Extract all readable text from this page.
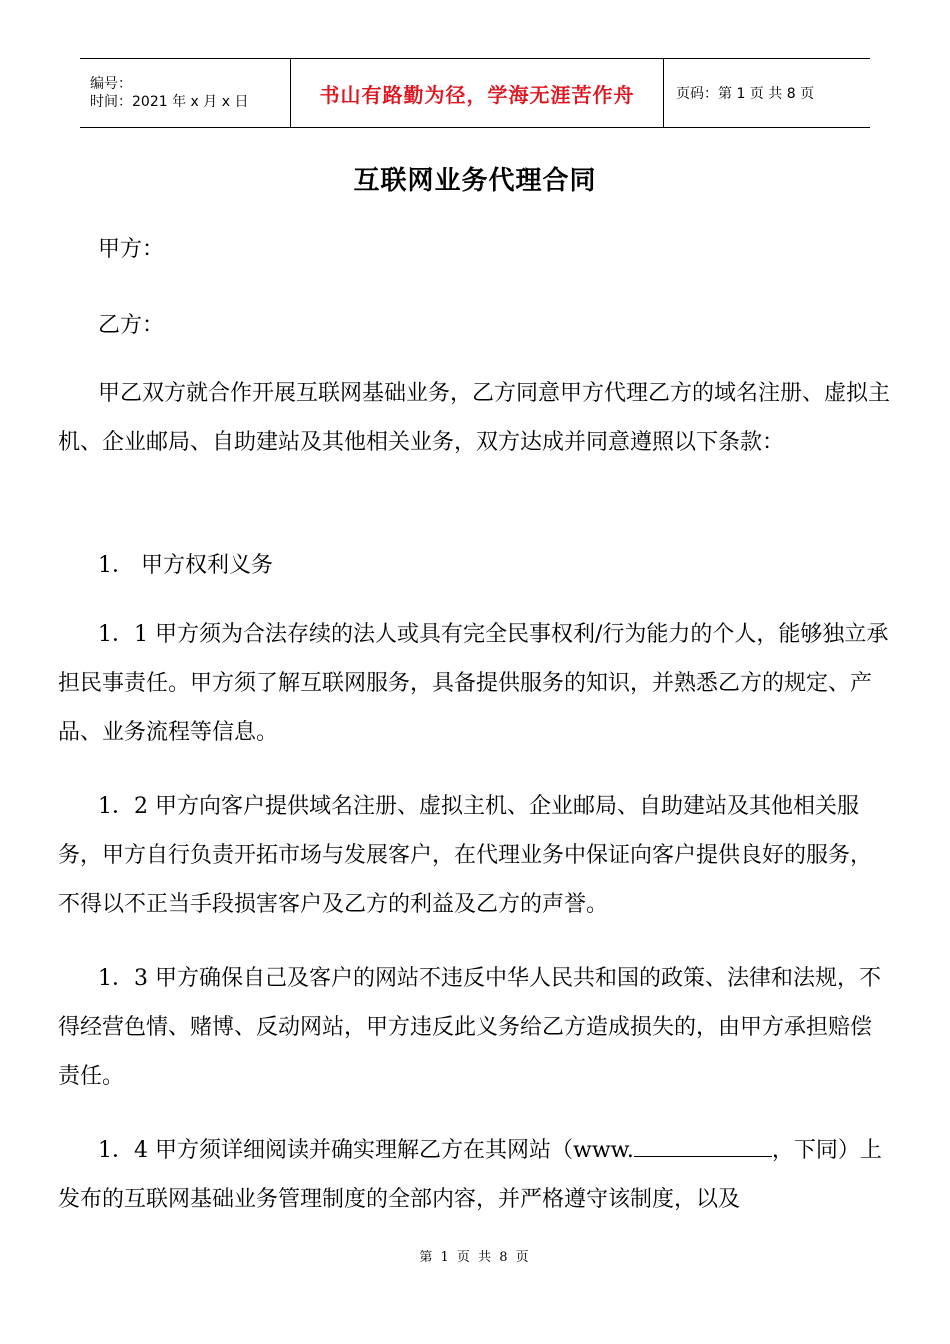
编号：
时间：2021 年 x 月 x 日	书山有路勤为径，学海无涯苦作舟	页码：第 1 页 共 8 页
互联网业务代理合同

甲方：

乙方：

甲乙双方就合作开展互联网基础业务，乙方同意甲方代理乙方的域名注册、虚拟主机、企业邮局、自助建站及其他相关业务，双方达成并同意遵照以下条款：

1． 甲方权利义务

1．1 甲方须为合法存续的法人或具有完全民事权利/行为能力的个人，能够独立承担民事责任。甲方须了解互联网服务，具备提供服务的知识，并熟悉乙方的规定、产品、业务流程等信息。

1．2 甲方向客户提供域名注册、虚拟主机、企业邮局、自助建站及其他相关服务，甲方自行负责开拓市场与发展客户，在代理业务中保证向客户提供良好的服务，不得以不正当手段损害客户及乙方的利益及乙方的声誉。

1．3 甲方确保自己及客户的网站不违反中华人民共和国的政策、法律和法规，不得经营色情、赌博、反动网站，甲方违反此义务给乙方造成损失的，由甲方承担赔偿责任。

1．4 甲方须详细阅读并确实理解乙方在其网站（www.	，下同）上发布的互联网基础业务管理制度的全部内容，并严格遵守该制度，以及

第 1 页 共 8 页
